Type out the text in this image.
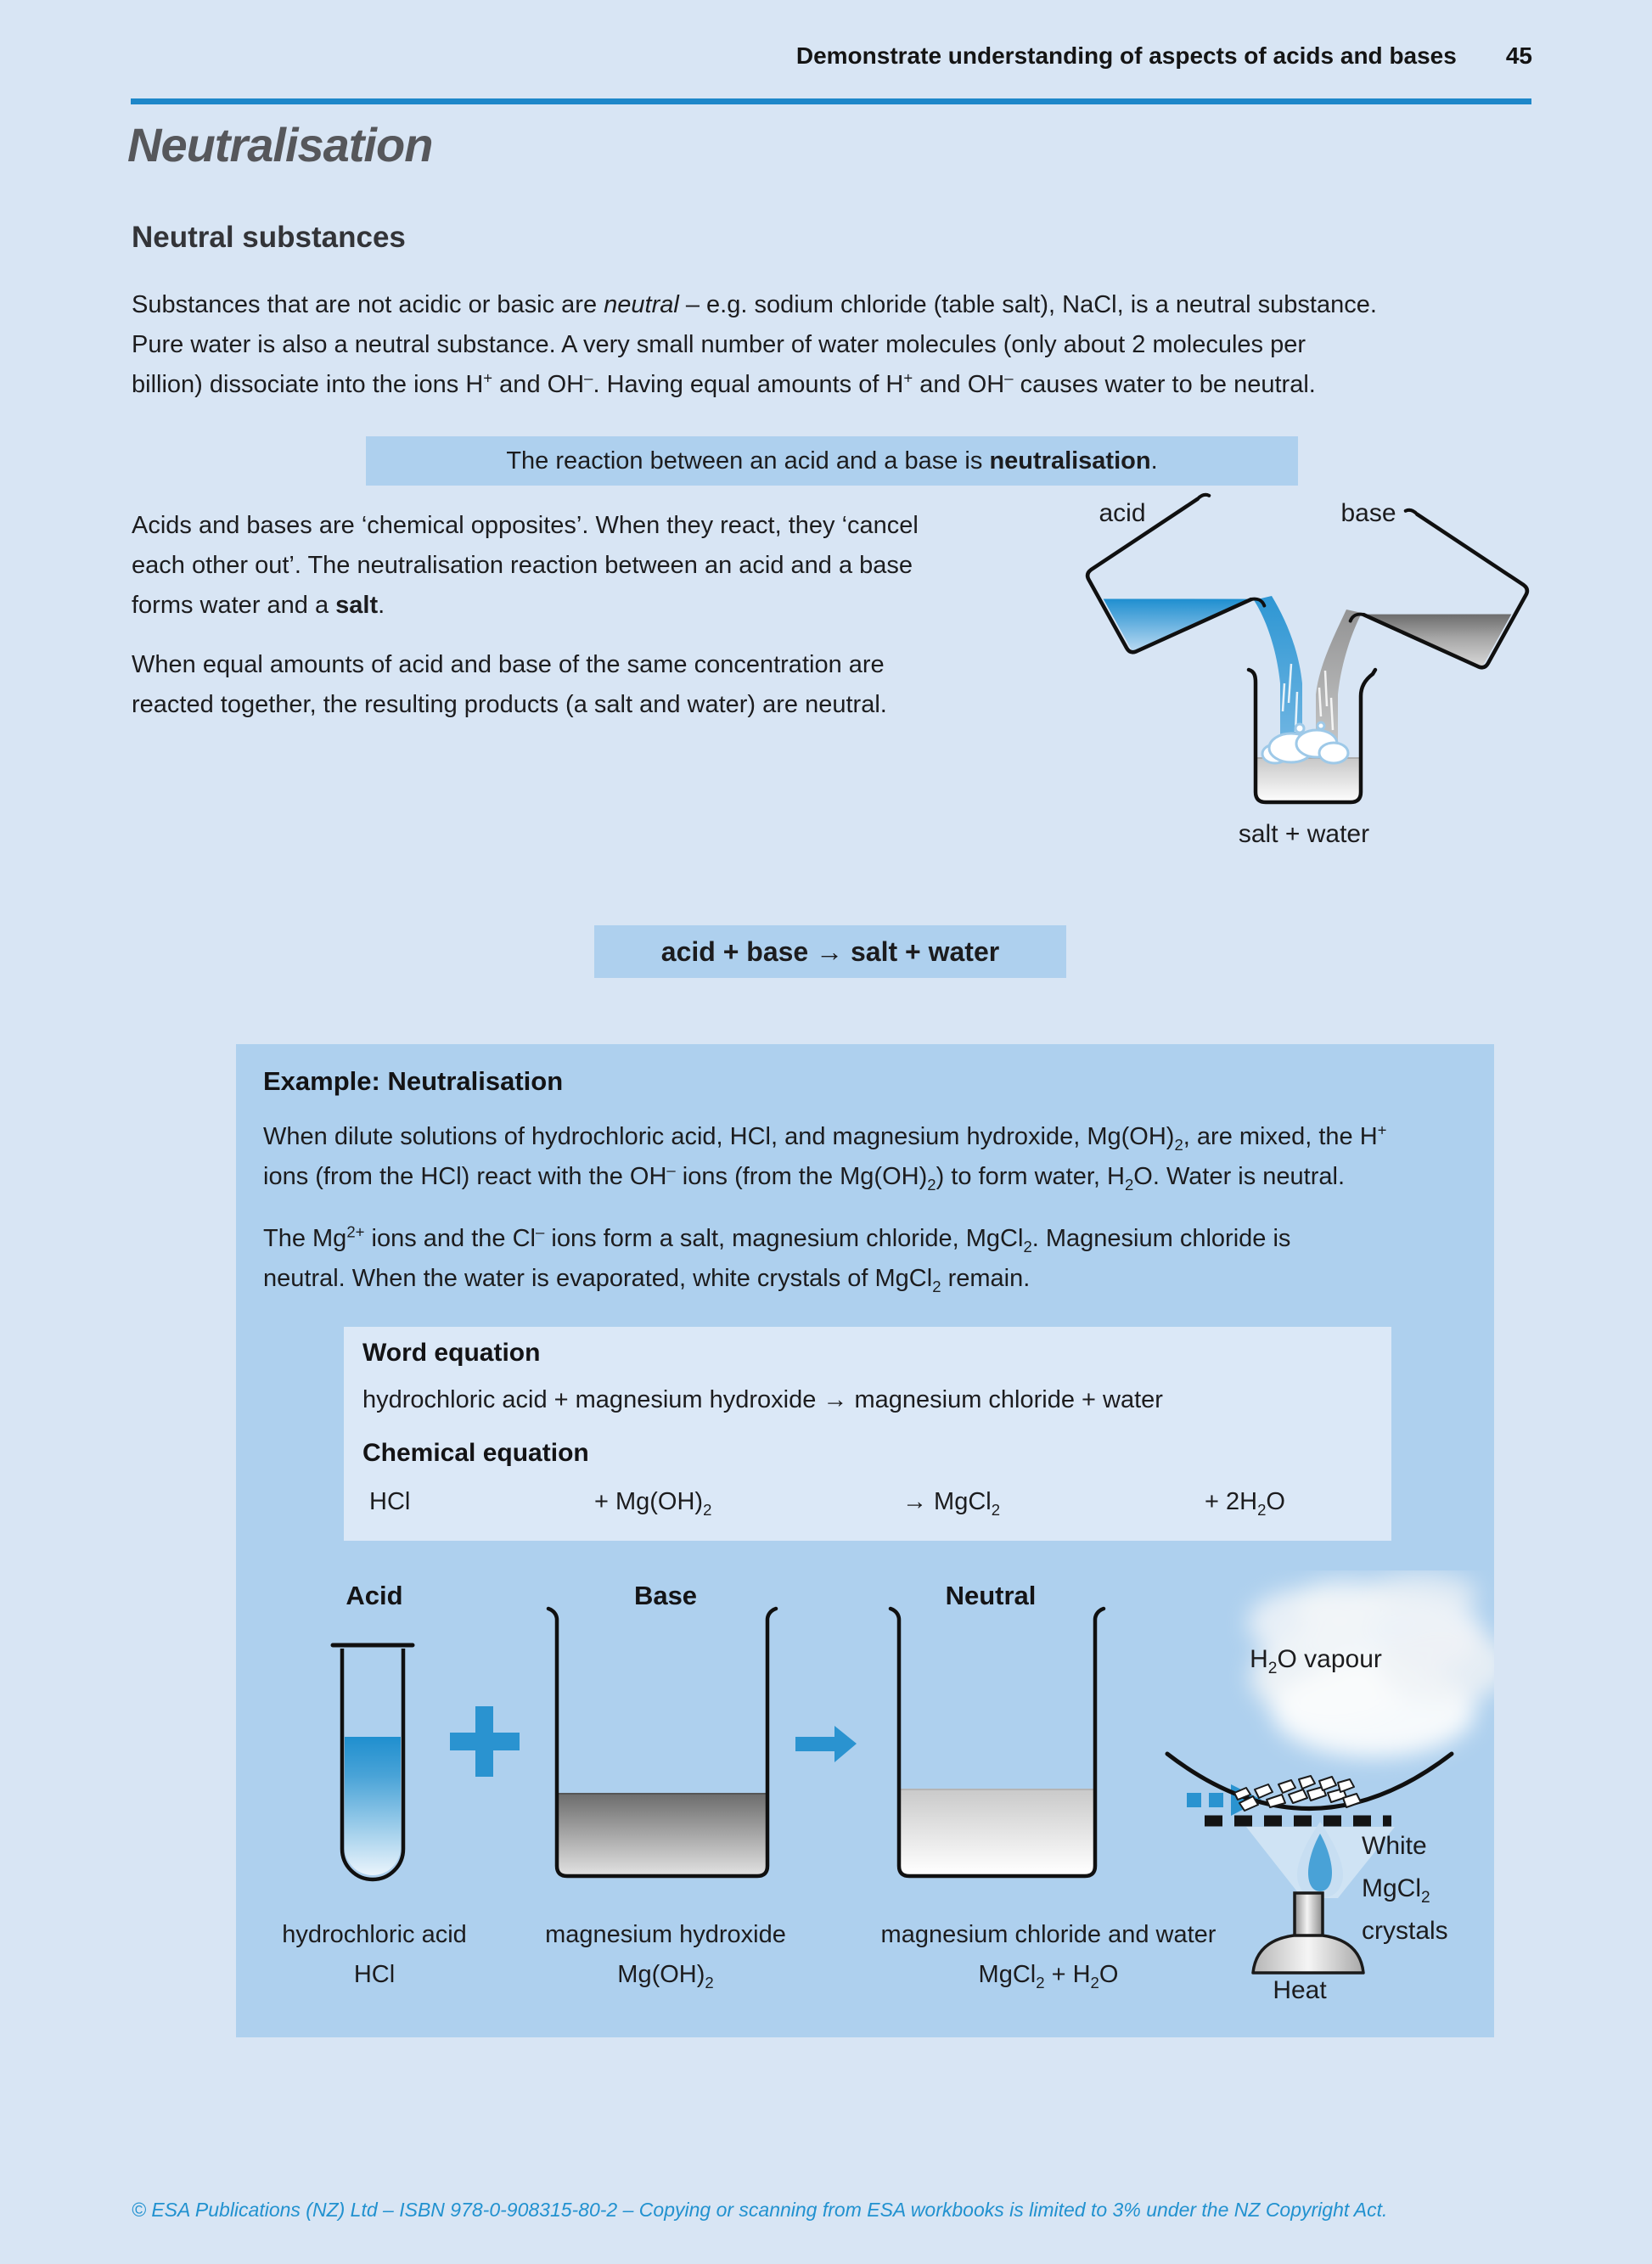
Demonstrate understanding of aspects of acids and bases 45
Neutralisation
Neutral substances

Substances that are not acidic or basic are neutral – e.g. sodium chloride (table salt), NaCl, is a neutral substance.
Pure water is also a neutral substance. A very small number of water molecules (only about 2 molecules per
billion) dissociate into the ions H+ and OH–. Having equal amounts of H+ and OH– causes water to be neutral.

The reaction between an acid and a base is neutralisation.

Acids and bases are ‘chemical opposites’. When they react, they ‘cancel
each other out’. The neutralisation reaction between an acid and a base
forms water and a salt.

When equal amounts of acid and base of the same concentration are
reacted together, the resulting products (a salt and water) are neutral.

acid	base
salt + water
acid + base → salt + water
Example: Neutralisation

When dilute solutions of hydrochloric acid, HCl, and magnesium hydroxide, $Mg(OH)_2$, are mixed, the H+
ions (from the HCl) react with the OH– ions (from the $Mg(OH)_2$) to form water, $H_2O$. Water is neutral.

The $Mg^{2+}$ ions and the Cl– ions form a salt, magnesium chloride, MgCl$_2$. Magnesium chloride is
neutral. When the water is evaporated, white crystals of MgCl$_2$ remain.

Word equation
hydrochloric acid + magnesium hydroxide → magnesium chloride + water
Chemical equation
HCl	+ $Mg(OH)_2$	→ MgCl$_2$	+ $2H_2O$
Acid	Base	Neutral
hydrochloric acid
HCl
magnesium hydroxide
$Mg(OH)_2$
magnesium chloride and water
MgCl$_2$ + $H_2O$
$H_2O$ vapour
White
MgCl$_2$
crystals
Heat
© ESA Publications (NZ) Ltd – ISBN 978-0-908315-80-2 – Copying or scanning from ESA workbooks is limited to 3% under the NZ Copyright Act.
